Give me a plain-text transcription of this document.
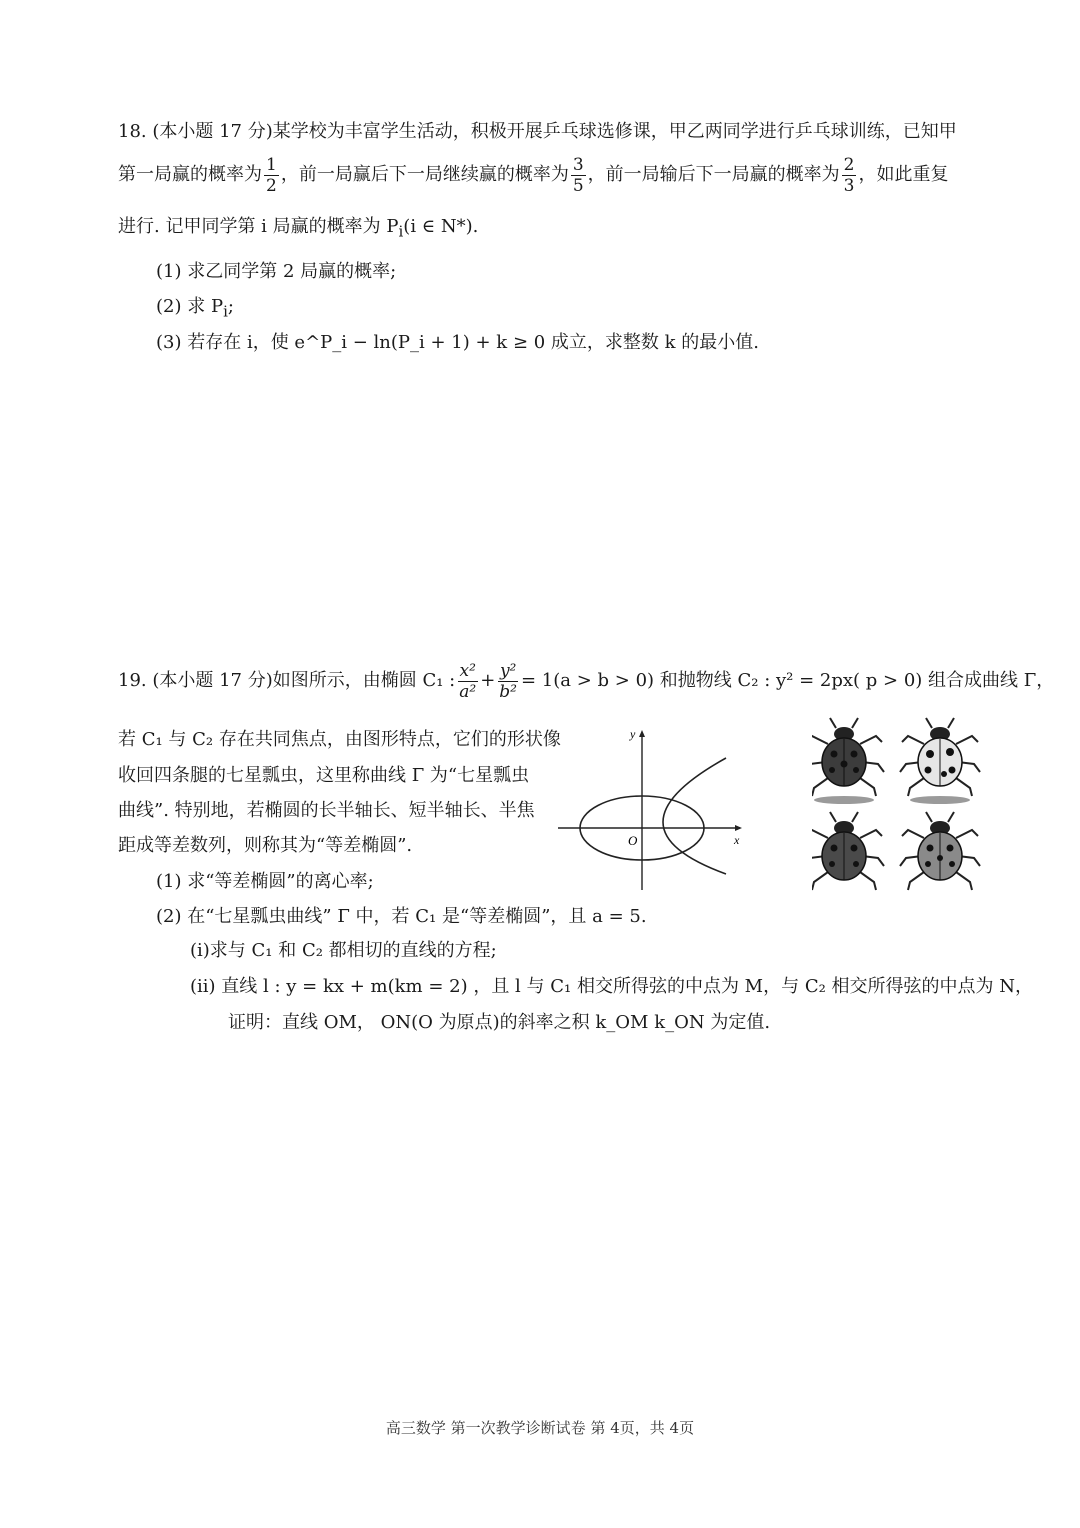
18. (本小题 17 分)某学校为丰富学生活动，积极开展乒乓球选修课，甲乙两同学进行乒乓球训练，已知甲
第一局赢的概率为 $\frac{1}{2}$ ，前一局赢后下一局继续赢的概率为 $\frac{3}{5}$ ，前一局输后下一局赢的概率为 $\frac{2}{3}$ ，如此重复
进行. 记甲同学第 i 局赢的概率为 $P_i(i$ ∈ N*).
(1) 求乙同学第 2 局赢的概率;
(2) 求 $P_i$;
(3) 若存在 i，使 e^P_i − ln(P_i + 1) + k ≥ 0 成立，求整数 k 的最小值.
19. (本小题 17 分)如图所示，由椭圆 C₁ : $\frac{\text{x²}}{\text{a²}} + \frac{\text{y²}}{\text{b²}} = 1(a > b > 0)$ 和抛物线 C₂ : y² = 2px( p > 0) 组合成曲线 Γ，
若 C₁ 与 C₂ 存在共同焦点，由图形特点，它们的形状像
收回四条腿的七星瓢虫，这里称曲线 Γ 为“七星瓢虫
曲线”. 特别地，若椭圆的长半轴长、短半轴长、半焦
距成等差数列，则称其为“等差椭圆”.
y
x
O
(1) 求“等差椭圆”的离心率;
(2) 在“七星瓢虫曲线” Γ 中，若 C₁ 是“等差椭圆”，且 a = 5.
(i)求与 C₁ 和 C₂ 都相切的直线的方程;
(ii) 直线 l : y = kx + m(km = 2) ，且 l 与 C₁ 相交所得弦的中点为 M，与 C₂ 相交所得弦的中点为 N，
证明：直线 OM， ON(O 为原点)的斜率之积 k_OM k_ON 为定值.
高三数学 第一次教学诊断试卷 第 4页，共 4页
